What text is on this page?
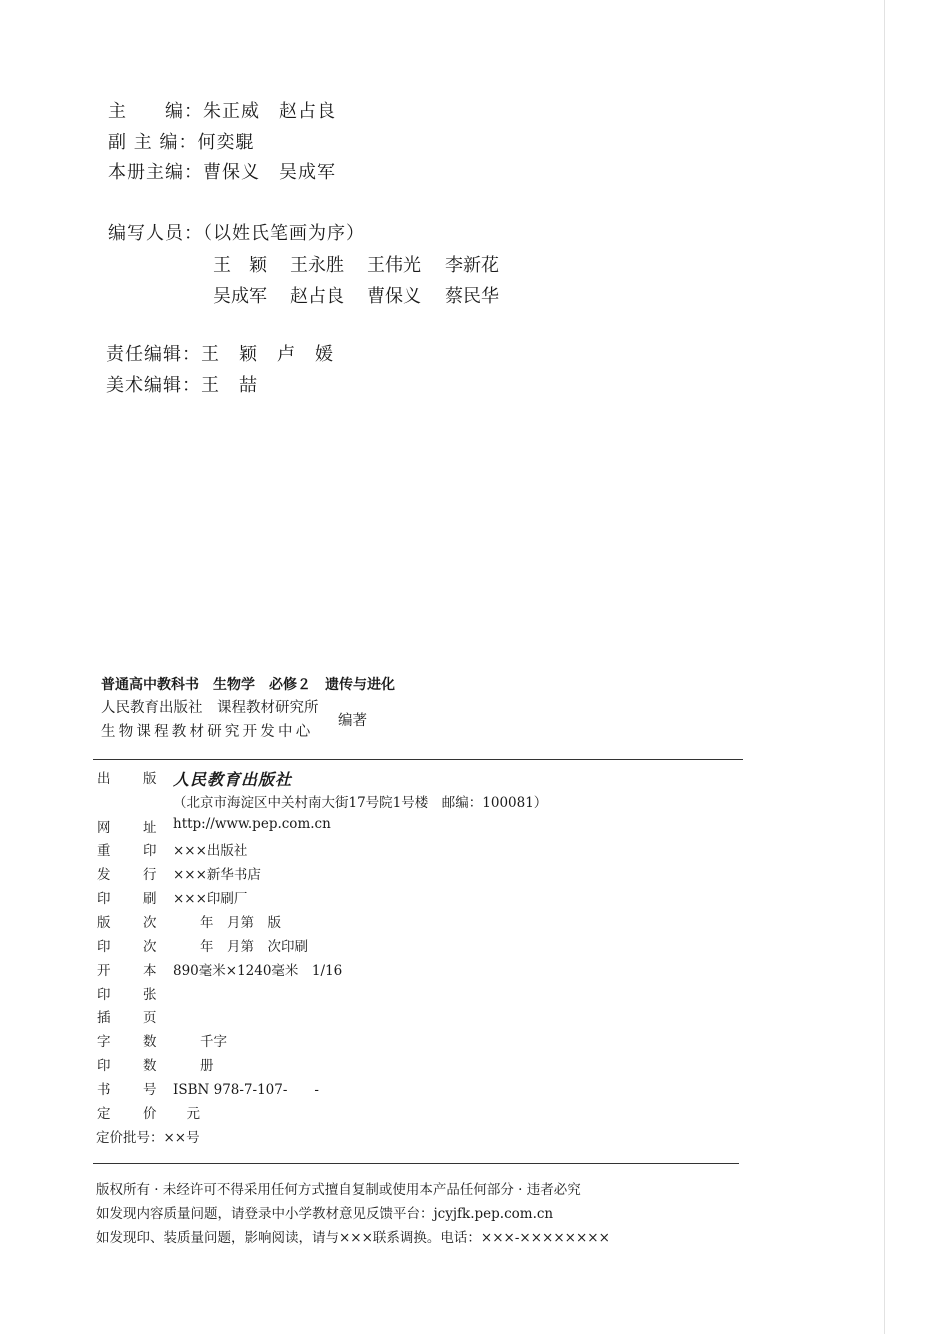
主　　编：朱正威　赵占良
副 主 编：何奕騉
本册主编：曹保义　吴成军
编写人员：（以姓氏笔画为序）
王　颖 王永胜 王伟光 李新花
吴成军 赵占良 曹保义 蔡民华
责任编辑：王　颖　卢　媛
美术编辑：王　喆
普通高中教科书　生物学　必修２　遗传与进化
人民教育出版社　课程教材研究所
生物课程教材研究开发中心
编著
出 版 人民教育出版社
（北京市海淀区中关村南大街17号院1号楼　邮编：100081）
网 址 http://www.pep.com.cn
重 印 ×××出版社
发 行 ×××新华书店
印 刷 ×××印刷厂
版 次 　　年　月第　版
印 次 　　年　月第　次印刷
开 本 890毫米×1240毫米　1/16
印 张
插 页
字 数 　　千字
印 数 　　册
书 号 ISBN 978-7-107-　　-
定 价 　元
定价批号：××号
版权所有 · 未经许可不得采用任何方式擅自复制或使用本产品任何部分 · 违者必究
如发现内容质量问题，请登录中小学教材意见反馈平台：jcyjfk.pep.com.cn
如发现印、装质量问题，影响阅读，请与×××联系调换。电话：×××-××××××××
